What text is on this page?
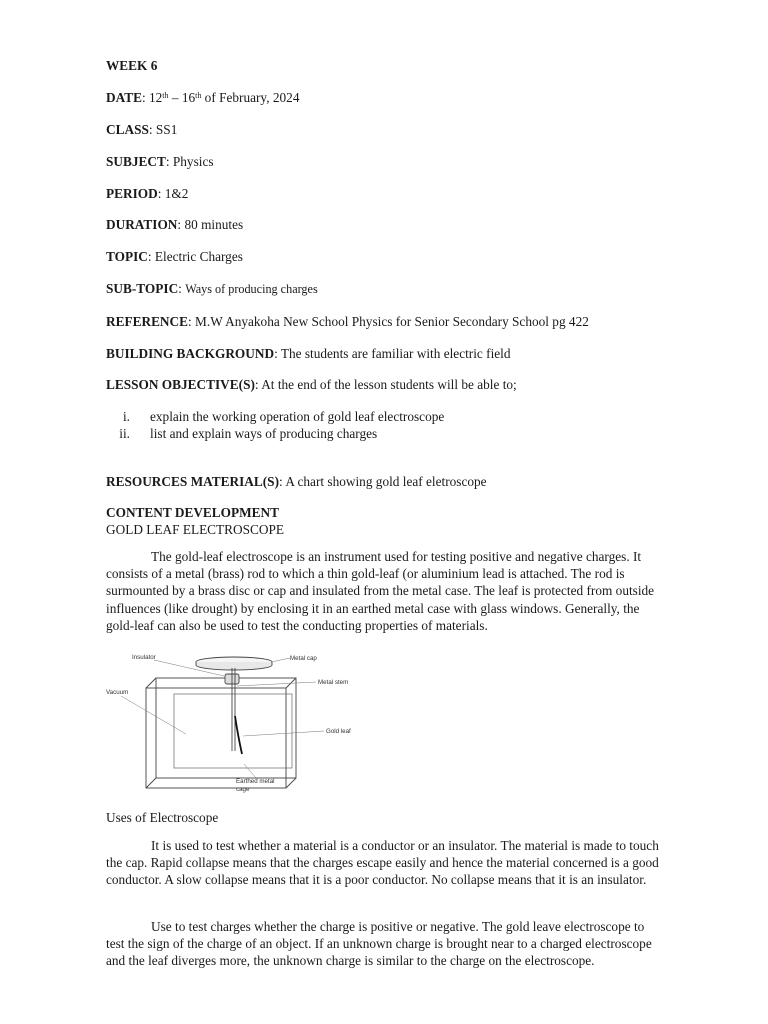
WEEK 6
DATE: 12th – 16th of February, 2024
CLASS: SS1
SUBJECT: Physics
PERIOD: 1&2
DURATION: 80 minutes
TOPIC: Electric Charges
SUB-TOPIC: Ways of producing charges
REFERENCE: M.W Anyakoha New School Physics for Senior Secondary School pg 422
BUILDING BACKGROUND: The students are familiar with electric field
LESSON OBJECTIVE(S): At the end of the lesson students will be able to;
i. explain the working operation of gold leaf electroscope
ii. list and explain ways of producing charges
RESOURCES MATERIAL(S): A chart showing gold leaf eletroscope
CONTENT DEVELOPMENT
GOLD LEAF ELECTROSCOPE
The gold-leaf electroscope is an instrument used for testing positive and negative charges. It consists of a metal (brass) rod to which a thin gold-leaf (or aluminium lead is attached. The rod is surmounted by a brass disc or cap and insulated from the metal case. The leaf is protected from outside influences (like drought) by enclosing it in an earthed metal case with glass windows. Generally, the gold-leaf can also be used to test the conducting properties of materials.
Insulator	Metal cap
Metal stem
Vacuum
Gold leaf
Earthed metal
cage
Uses of Electroscope
It is used to test whether a material is a conductor or an insulator. The material is made to touch the cap. Rapid collapse means that the charges escape easily and hence the material concerned is a good conductor. A slow collapse means that it is a poor conductor. No collapse means that it is an insulator.
Use to test charges whether the charge is positive or negative. The gold leave electroscope to test the sign of the charge of an object. If an unknown charge is brought near to a charged electroscope and the leaf diverges more, the unknown charge is similar to the charge on the electroscope.
